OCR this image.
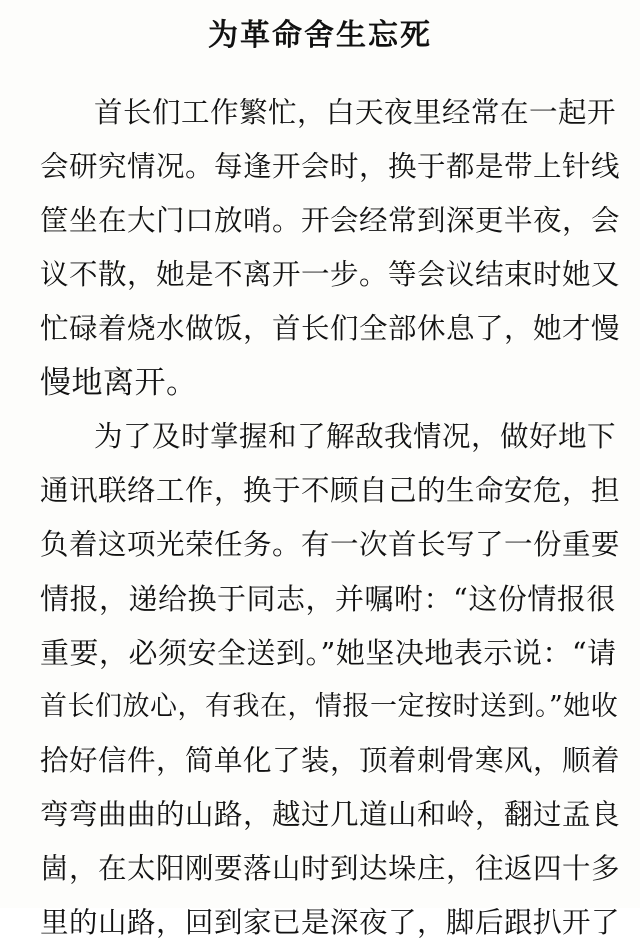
为革命舍生忘死
首长们工作繁忙，白天夜里经常在一起开
会研究情况。每逢开会时，换于都是带上针线
筐坐在大门口放哨。开会经常到深更半夜，会
议不散，她是不离开一步。等会议结束时她又
忙碌着烧水做饭，首长们全部休息了，她才慢
慢地离开。
为了及时掌握和了解敌我情况，做好地下
通讯联络工作，换于不顾自己的生命安危，担
负着这项光荣任务。有一次首长写了一份重要
情报，递给换于同志，并嘱咐：“这份情报很
重要，必须安全送到。”她坚决地表示说：“请
首长们放心，有我在，情报一定按时送到。”她收
拾好信件，简单化了装，顶着刺骨寒风，顺着
弯弯曲曲的山路，越过几道山和岭，翻过孟良
崮，在太阳刚要落山时到达垛庄，往返四十多
里的山路，回到家已是深夜了，脚后跟扒开了
